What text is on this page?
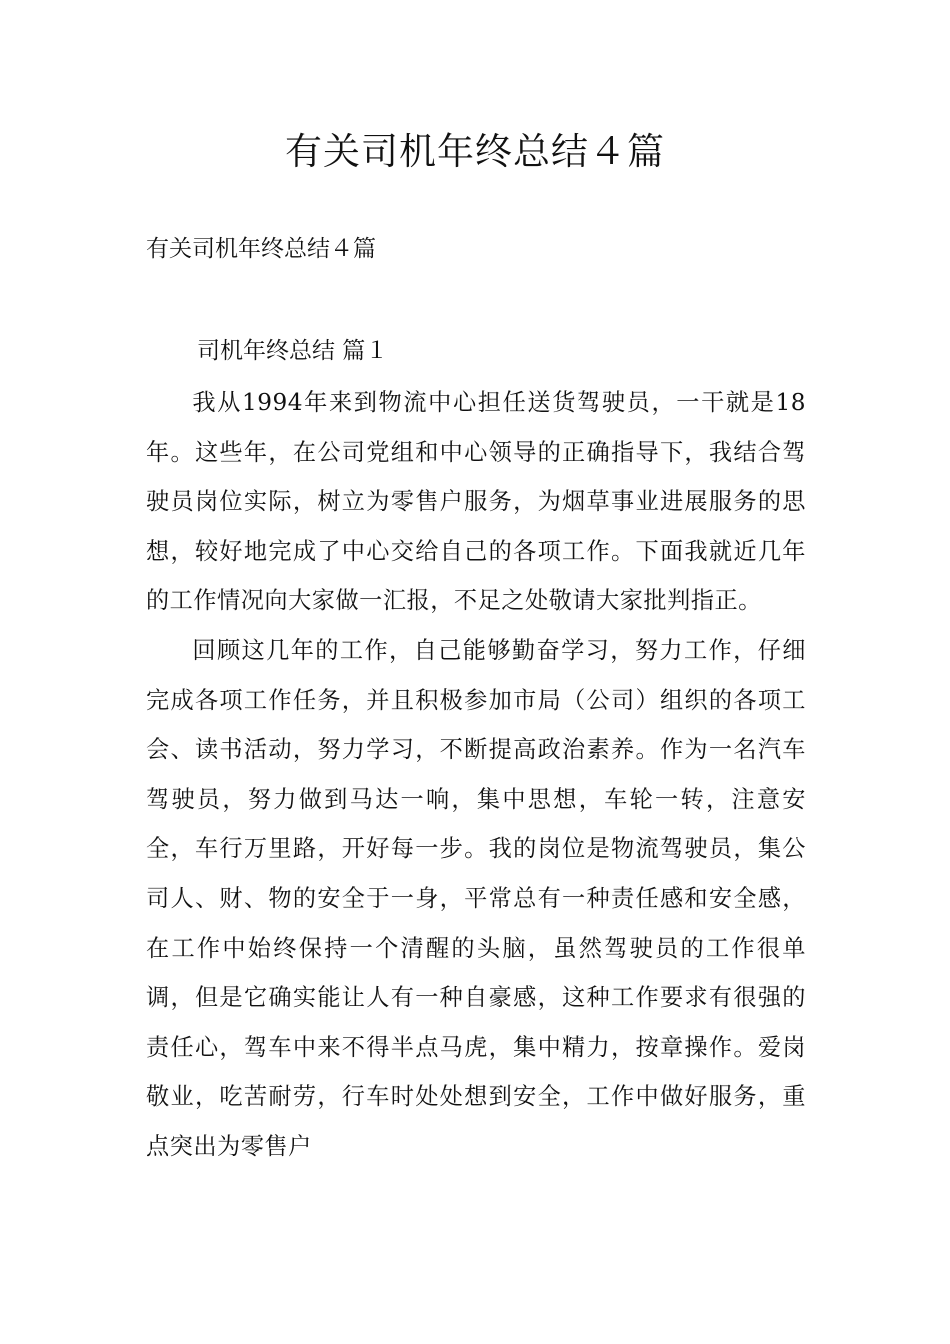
有关司机年终总结４篇
有关司机年终总结４篇
司机年终总结 篇１

我从1994年来到物流中心担任送货驾驶员，一干就是18年。这些年，在公司党组和中心领导的正确指导下，我结合驾驶员岗位实际，树立为零售户服务，为烟草事业进展服务的思想，较好地完成了中心交给自己的各项工作。下面我就近几年的工作情况向大家做一汇报，不足之处敬请大家批判指正。

回顾这几年的工作，自己能够勤奋学习，努力工作，仔细完成各项工作任务，并且积极参加市局（公司）组织的各项工会、读书活动，努力学习，不断提高政治素养。作为一名汽车驾驶员，努力做到马达一响，集中思想，车轮一转，注意安全，车行万里路，开好每一步。我的岗位是物流驾驶员，集公司人、财、物的安全于一身，平常总有一种责任感和安全感，在工作中始终保持一个清醒的头脑，虽然驾驶员的工作很单调，但是它确实能让人有一种自豪感，这种工作要求有很强的责任心，驾车中来不得半点马虎，集中精力，按章操作。爱岗敬业，吃苦耐劳，行车时处处想到安全，工作中做好服务，重点突出为零售户
